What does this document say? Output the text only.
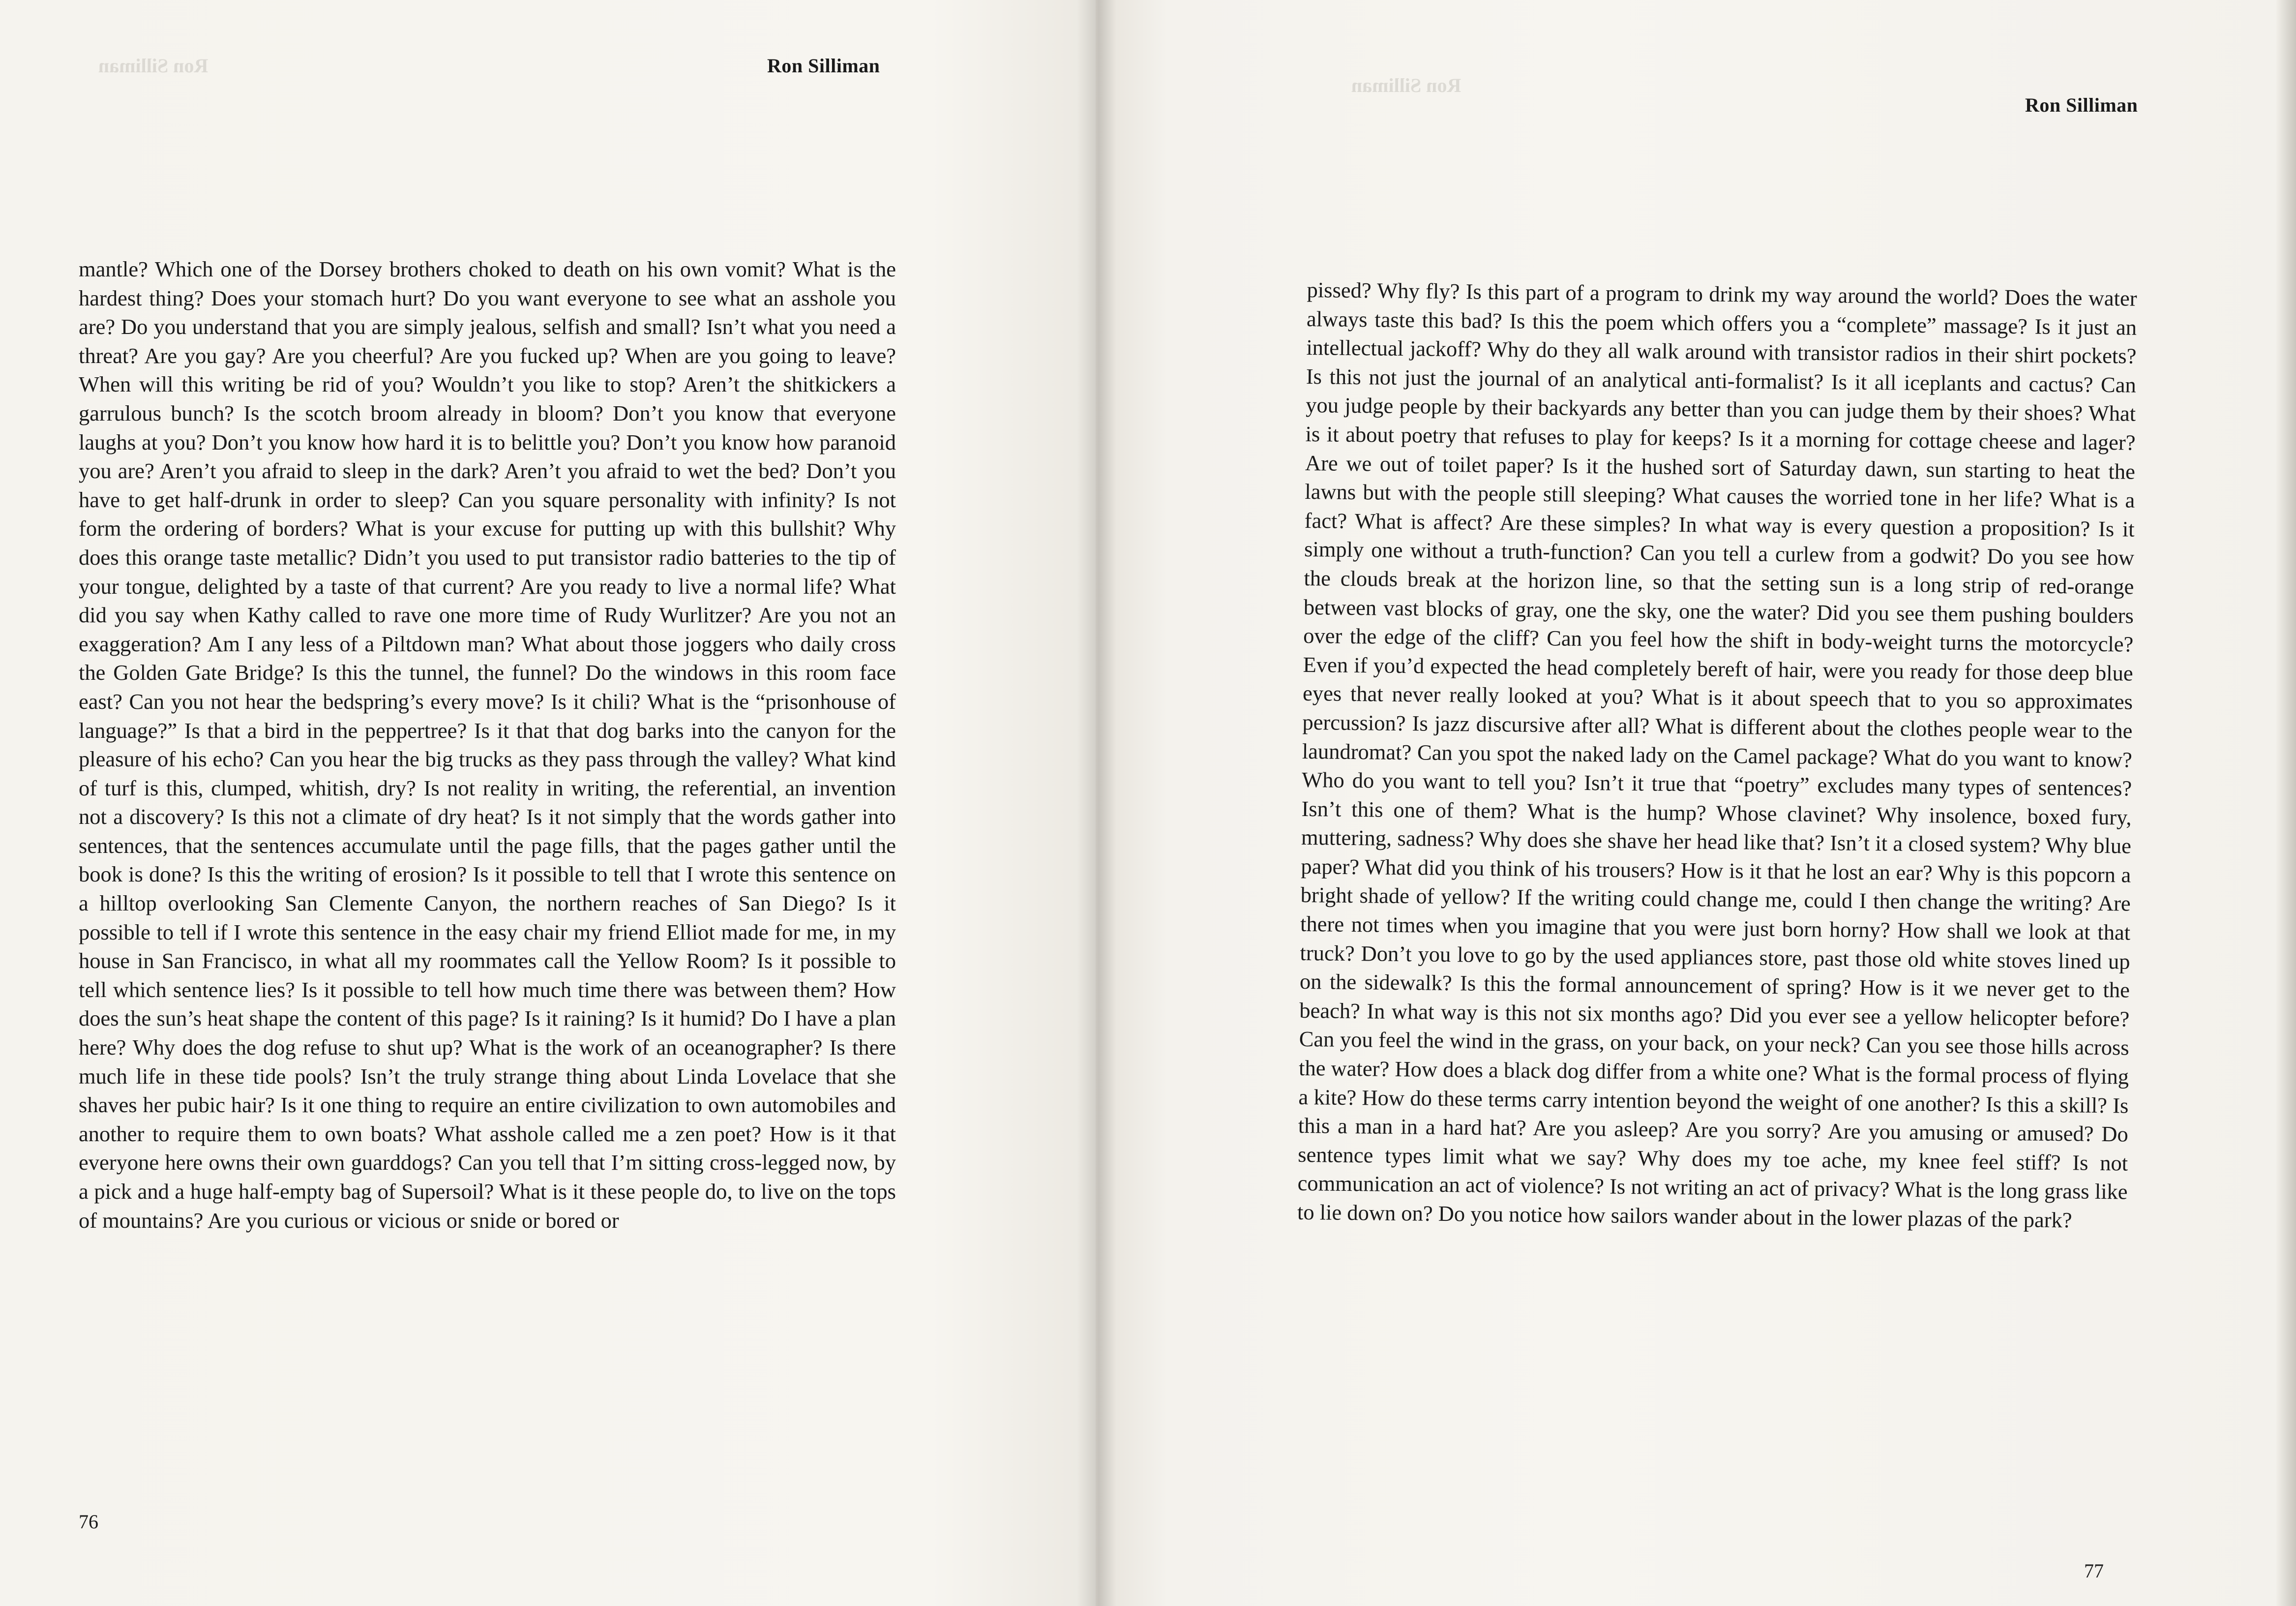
Ron Silliman	Ron Silliman
mantle? Which one of the Dorsey brothers choked to death on his own vomit? What is the hardest thing? Does your stomach hurt? Do you want everyone to see what an asshole you are? Do you understand that you are simply jealous, selfish and small? Isn’t what you need a threat? Are you gay? Are you cheerful? Are you fucked up? When are you going to leave? When will this writing be rid of you? Wouldn’t you like to stop? Aren’t the shitkickers a garrulous bunch? Is the scotch broom already in bloom? Don’t you know that everyone laughs at you? Don’t you know how hard it is to belittle you? Don’t you know how paranoid you are? Aren’t you afraid to sleep in the dark? Aren’t you afraid to wet the bed? Don’t you have to get half-drunk in order to sleep? Can you square personality with infinity? Is not form the ordering of borders? What is your excuse for putting up with this bullshit? Why does this orange taste metallic? Didn’t you used to put transistor radio batteries to the tip of your tongue, delighted by a taste of that current? Are you ready to live a normal life? What did you say when Kathy called to rave one more time of Rudy Wurlitzer? Are you not an exaggeration? Am I any less of a Piltdown man? What about those joggers who daily cross the Golden Gate Bridge? Is this the tunnel, the funnel? Do the windows in this room face east? Can you not hear the bedspring’s every move? Is it chili? What is the “prisonhouse of language?” Is that a bird in the peppertree? Is it that that dog barks into the canyon for the pleasure of his echo? Can you hear the big trucks as they pass through the valley? What kind of turf is this, clumped, whitish, dry? Is not reality in writing, the referential, an invention not a discovery? Is this not a climate of dry heat? Is it not simply that the words gather into sentences, that the sentences accumulate until the page fills, that the pages gather until the book is done? Is this the writing of erosion? Is it possible to tell that I wrote this sentence on a hilltop overlooking San Clemente Canyon, the northern reaches of San Diego? Is it possible to tell if I wrote this sentence in the easy chair my friend Elliot made for me, in my house in San Francisco, in what all my roommates call the Yellow Room? Is it possible to tell which sentence lies? Is it possible to tell how much time there was between them? How does the sun’s heat shape the content of this page? Is it raining? Is it humid? Do I have a plan here? Why does the dog refuse to shut up? What is the work of an oceanographer? Is there much life in these tide pools? Isn’t the truly strange thing about Linda Lovelace that she shaves her pubic hair? Is it one thing to require an entire civilization to own automobiles and another to require them to own boats? What asshole called me a zen poet? How is it that everyone here owns their own guarddogs? Can you tell that I’m sitting cross-legged now, by a pick and a huge half-empty bag of Supersoil? What is it these people do, to live on the tops of mountains? Are you curious or vicious or snide or bored or
76
Ron Silliman
Ron Silliman
pissed? Why fly? Is this part of a program to drink my way around the world? Does the water always taste this bad? Is this the poem which offers you a “complete” massage? Is it just an intellectual jackoff? Why do they all walk around with transistor radios in their shirt pockets? Is this not just the journal of an analytical anti-formalist? Is it all iceplants and cactus? Can you judge people by their backyards any better than you can judge them by their shoes? What is it about poetry that refuses to play for keeps? Is it a morning for cottage cheese and lager? Are we out of toilet paper? Is it the hushed sort of Saturday dawn, sun starting to heat the lawns but with the people still sleeping? What causes the worried tone in her life? What is a fact? What is affect? Are these simples? In what way is every question a proposition? Is it simply one without a truth-function? Can you tell a curlew from a godwit? Do you see how the clouds break at the horizon line, so that the setting sun is a long strip of red-orange between vast blocks of gray, one the sky, one the water? Did you see them pushing boulders over the edge of the cliff? Can you feel how the shift in body-weight turns the motorcycle? Even if you’d expected the head completely bereft of hair, were you ready for those deep blue eyes that never really looked at you? What is it about speech that to you so approximates percussion? Is jazz discursive after all? What is different about the clothes people wear to the laundromat? Can you spot the naked lady on the Camel package? What do you want to know? Who do you want to tell you? Isn’t it true that “poetry” excludes many types of sentences? Isn’t this one of them? What is the hump? Whose clavinet? Why insolence, boxed fury, muttering, sadness? Why does she shave her head like that? Isn’t it a closed system? Why blue paper? What did you think of his trousers? How is it that he lost an ear? Why is this popcorn a bright shade of yellow? If the writing could change me, could I then change the writing? Are there not times when you imagine that you were just born horny? How shall we look at that truck? Don’t you love to go by the used appliances store, past those old white stoves lined up on the sidewalk? Is this the formal announcement of spring? How is it we never get to the beach? In what way is this not six months ago? Did you ever see a yellow helicopter before? Can you feel the wind in the grass, on your back, on your neck? Can you see those hills across the water? How does a black dog differ from a white one? What is the formal process of flying a kite? How do these terms carry intention beyond the weight of one another? Is this a skill? Is this a man in a hard hat? Are you asleep? Are you sorry? Are you amusing or amused? Do sentence types limit what we say? Why does my toe ache, my knee feel stiff? Is not communication an act of violence? Is not writing an act of privacy? What is the long grass like to lie down on? Do you notice how sailors wander about in the lower plazas of the park?
77
